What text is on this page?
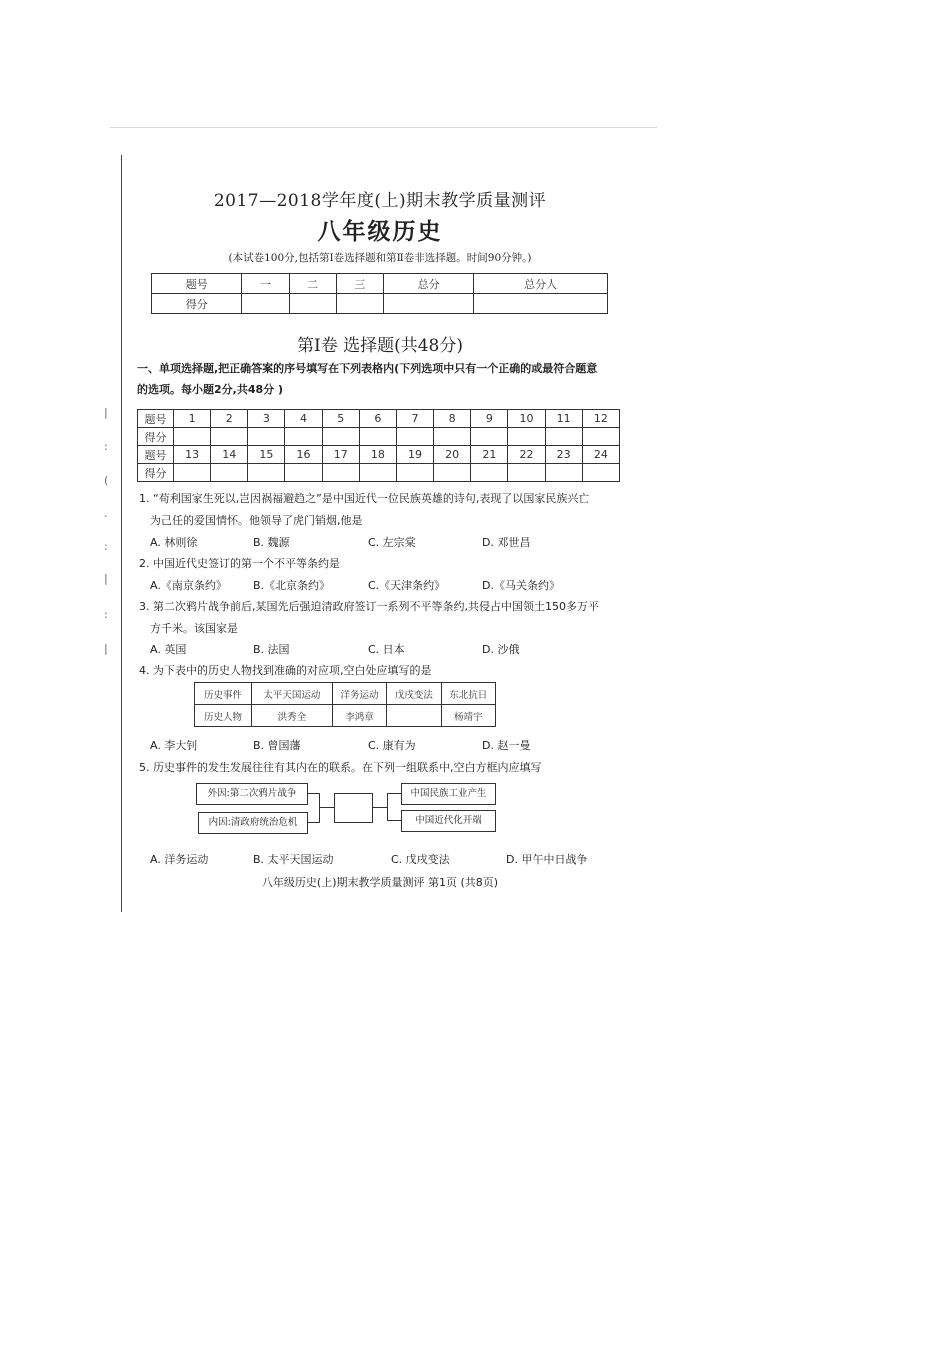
|
:
(
·
:
|
:
|
2017—2018学年度(上)期末教学质量测评
八年级历史
(本试卷100分,包括第Ⅰ卷选择题和第Ⅱ卷非选择题。时间90分钟。)
题号	一	二	三	总分	总分人
得分					
第Ⅰ卷 选择题(共48分)
一、单项选择题,把正确答案的序号填写在下列表格内(下列选项中只有一个正确的或最符合题意
的选项。每小题2分,共48分 )
题号	1	2	3	4	5	6	7	8	9	10	11	12
得分												
题号	13	14	15	16	17	18	19	20	21	22	23	24
得分												
1. “苟利国家生死以,岂因祸福避趋之”是中国近代一位民族英雄的诗句,表现了以国家民族兴亡
为己任的爱国情怀。他领导了虎门销烟,他是
A. 林则徐	B. 魏源	C. 左宗棠	D. 邓世昌
2. 中国近代史签订的第一个不平等条约是
A.《南京条约》 B.《北京条约》	C.《天津条约》	D.《马关条约》
3. 第二次鸦片战争前后,某国先后强迫清政府签订一系列不平等条约,共侵占中国领土150多万平
方千米。该国家是
A. 英国	B. 法国	C. 日本	D. 沙俄
4. 为下表中的历史人物找到准确的对应项,空白处应填写的是
历史事件	太平天国运动	洋务运动	戊戌变法	东北抗日
历史人物	洪秀全	李鸿章		杨靖宇
A. 李大钊	B. 曾国藩	C. 康有为	D. 赵一曼
5. 历史事件的发生发展往往有其内在的联系。在下列一组联系中,空白方框内应填写
外因:第二次鸦片战争
内因:清政府统治危机
中国民族工业产生
中国近代化开端
A. 洋务运动	B. 太平天国运动	C. 戊戌变法	D. 甲午中日战争
八年级历史(上)期末教学质量测评 第1页 (共8页)
